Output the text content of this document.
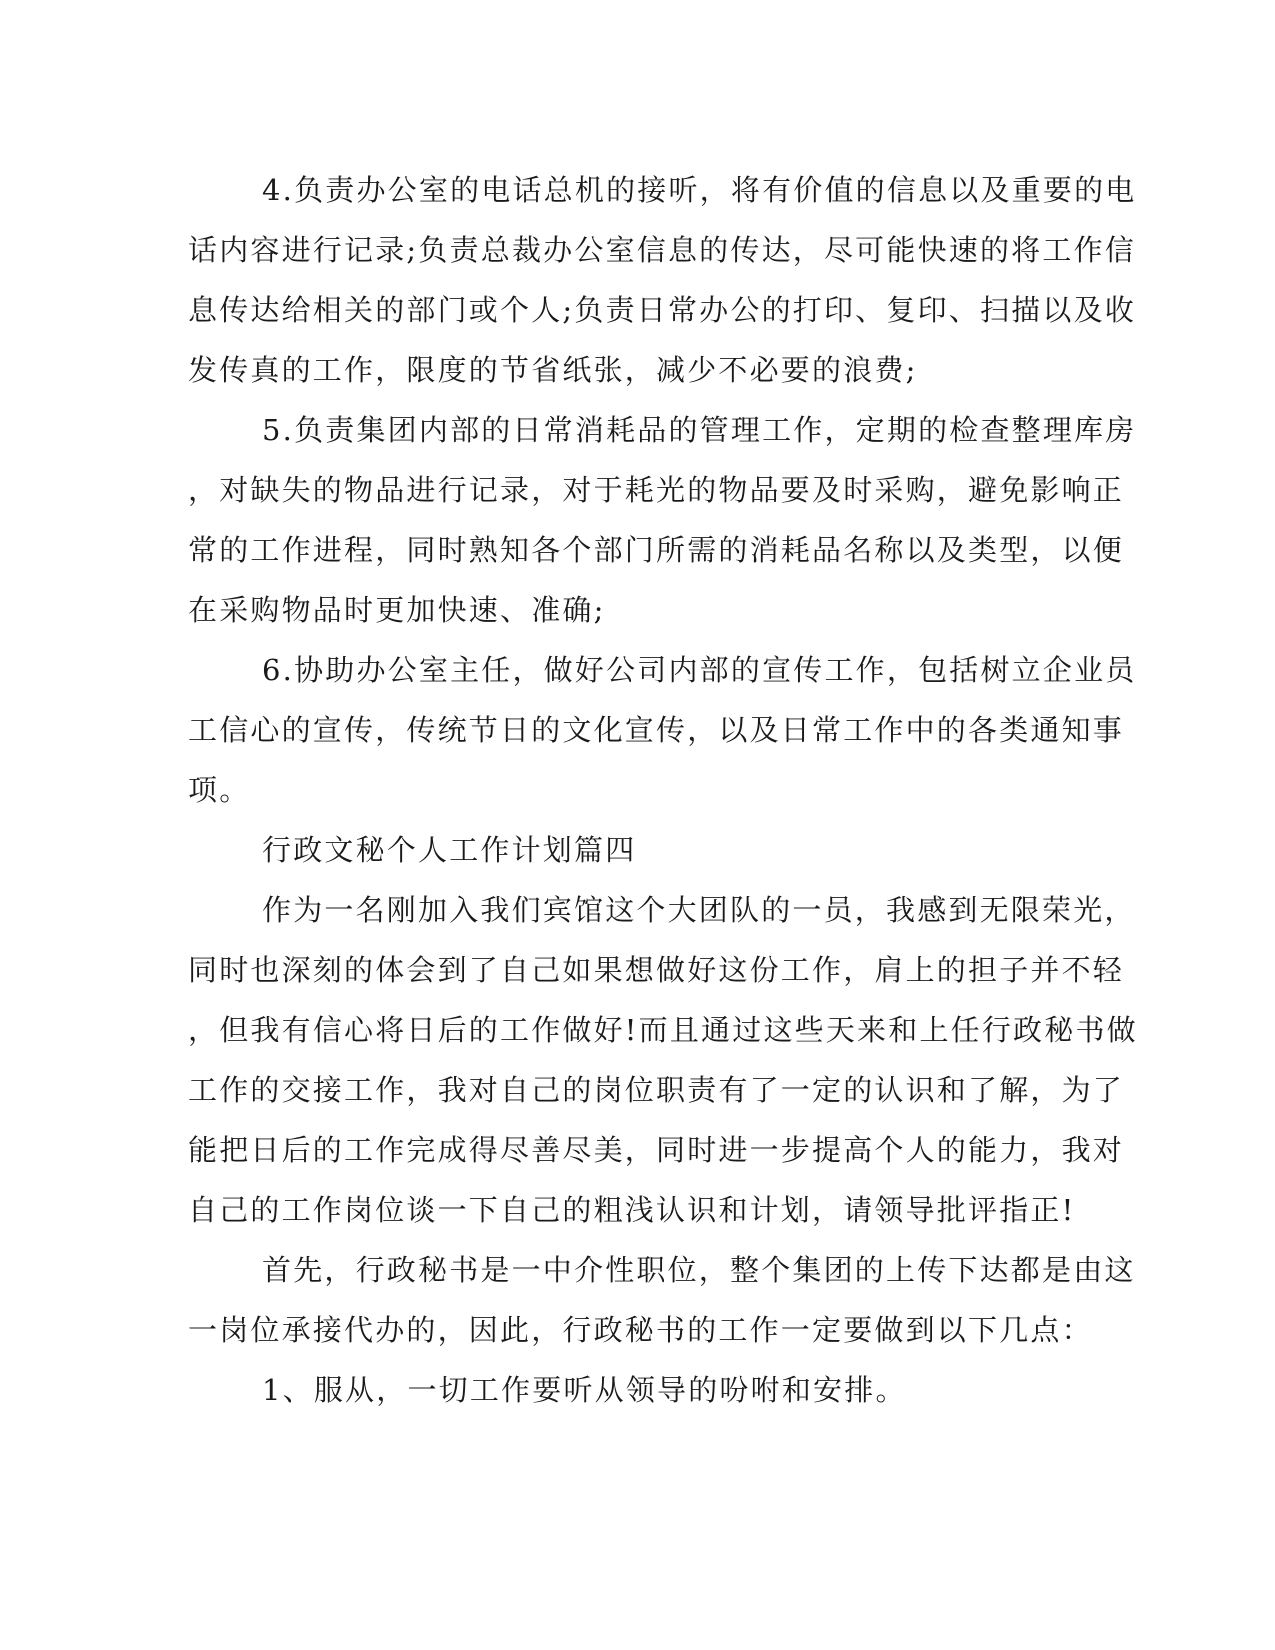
4.负责办公室的电话总机的接听，将有价值的信息以及重要的电
话内容进行记录;负责总裁办公室信息的传达，尽可能快速的将工作信
息传达给相关的部门或个人;负责日常办公的打印、复印、扫描以及收
发传真的工作，限度的节省纸张，减少不必要的浪费;
5.负责集团内部的日常消耗品的管理工作，定期的检查整理库房
，对缺失的物品进行记录，对于耗光的物品要及时采购，避免影响正
常的工作进程，同时熟知各个部门所需的消耗品名称以及类型，以便
在采购物品时更加快速、准确;
6.协助办公室主任，做好公司内部的宣传工作，包括树立企业员
工信心的宣传，传统节日的文化宣传，以及日常工作中的各类通知事
项。
行政文秘个人工作计划篇四
作为一名刚加入我们宾馆这个大团队的一员，我感到无限荣光，
同时也深刻的体会到了自己如果想做好这份工作，肩上的担子并不轻
，但我有信心将日后的工作做好!而且通过这些天来和上任行政秘书做
工作的交接工作，我对自己的岗位职责有了一定的认识和了解，为了
能把日后的工作完成得尽善尽美，同时进一步提高个人的能力，我对
自己的工作岗位谈一下自己的粗浅认识和计划，请领导批评指正!
首先，行政秘书是一中介性职位，整个集团的上传下达都是由这
一岗位承接代办的，因此，行政秘书的工作一定要做到以下几点：
1、服从，一切工作要听从领导的吩咐和安排。
